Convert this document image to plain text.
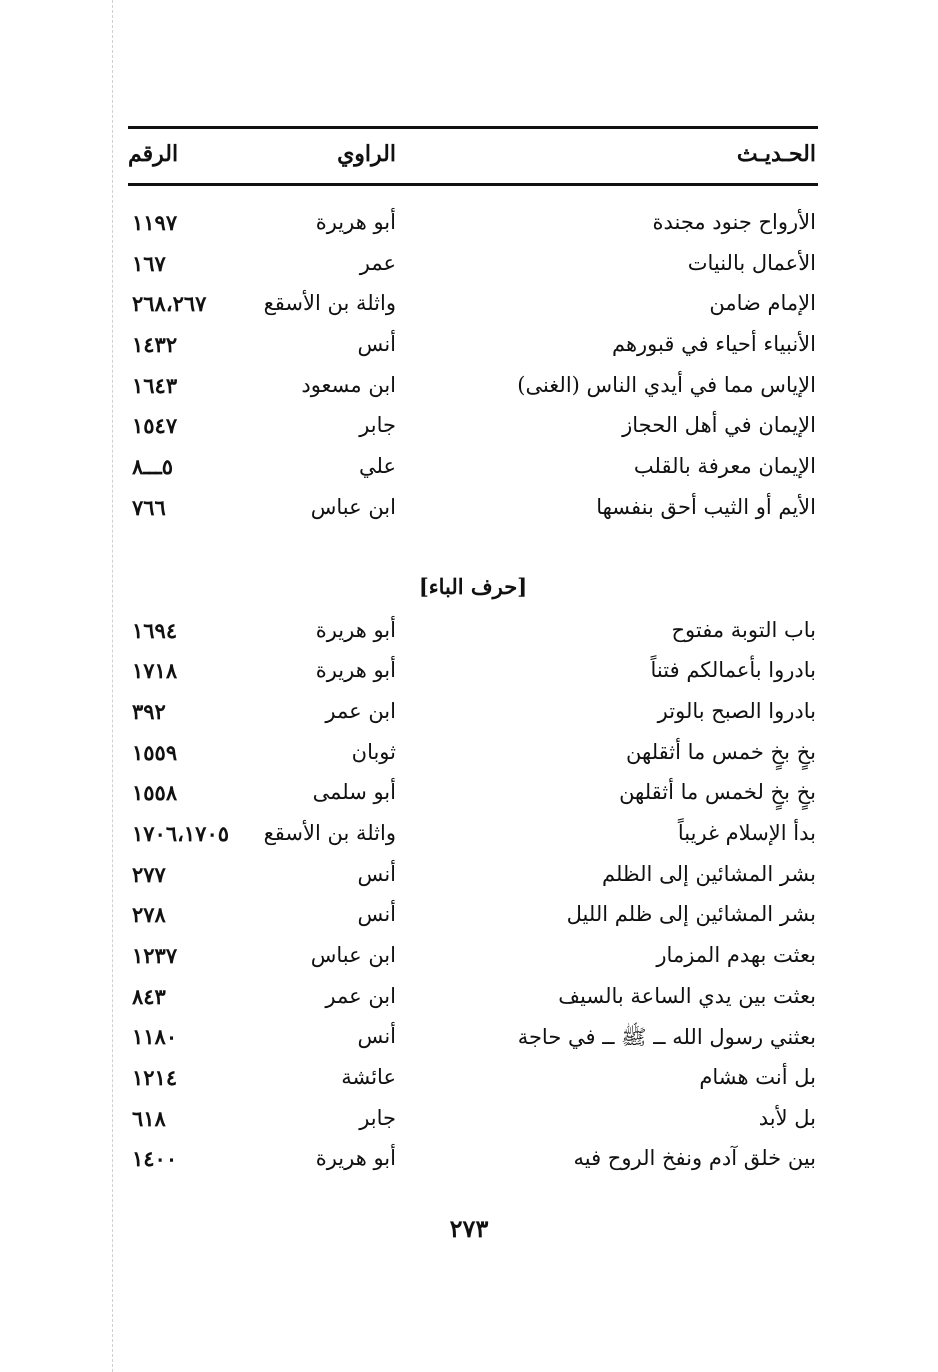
الحـديـث
الراوي
الرقم
الأرواح جنود مجندة
أبو هريرة
١١٩٧
الأعمال بالنيات
عمر
١٦٧
الإمام ضامن
واثلة بن الأسقع
٢٦٨،٢٦٧
الأنبياء أحياء في قبورهم
أنس
١٤٣٢
الإياس مما في أيدي الناس (الغنى)
ابن مسعود
١٦٤٣
الإيمان في أهل الحجاز
جابر
١٥٤٧
الإيمان معرفة بالقلب
علي
٥ـــ٨
الأيم أو الثيب أحق بنفسها
ابن عباس
٧٦٦
[حرف الباء]
باب التوبة مفتوح
أبو هريرة
١٦٩٤
بادروا بأعمالكم فتناً
أبو هريرة
١٧١٨
بادروا الصبح بالوتر
ابن عمر
٣٩٢
بخٍ بخٍ خمس ما أثقلهن
ثوبان
١٥٥٩
بخٍ بخٍ لخمس ما أثقلهن
أبو سلمى
١٥٥٨
بدأ الإسلام غريباً
واثلة بن الأسقع
١٧٠٦،١٧٠٥
بشر المشائين إلى الظلم
أنس
٢٧٧
بشر المشائين إلى ظلم الليل
أنس
٢٧٨
بعثت بهدم المزمار
ابن عباس
١٢٣٧
بعثت بين يدي الساعة بالسيف
ابن عمر
٨٤٣
بعثني رسول الله ــ ﷺ ــ في حاجة
أنس
١١٨٠
بل أنت هشام
عائشة
١٢١٤
بل لأبد
جابر
٦١٨
بين خلق آدم ونفخ الروح فيه
أبو هريرة
١٤٠٠
٢٧٣
